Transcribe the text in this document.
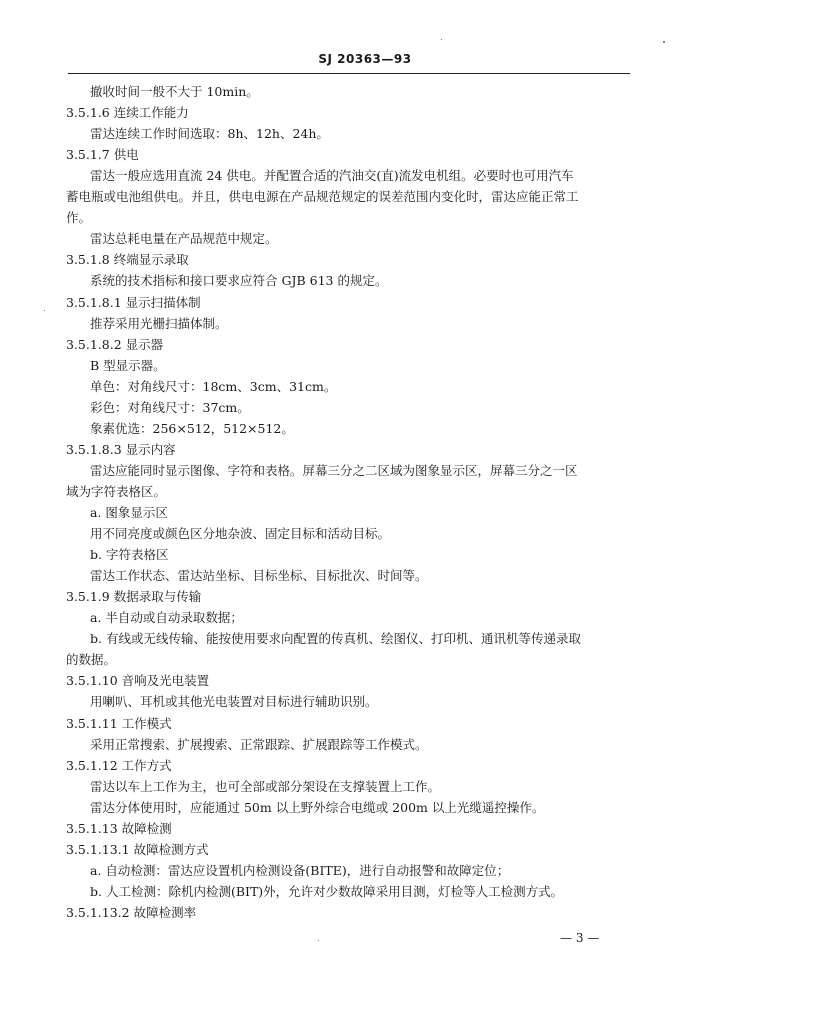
SJ 20363—93
撤收时间一般不大于 10min。
3.5.1.6 连续工作能力
雷达连续工作时间选取：8h、12h、24h。
3.5.1.7 供电
雷达一般应选用直流 24 供电。并配置合适的汽油交(直)流发电机组。必要时也可用汽车
蓄电瓶或电池组供电。并且，供电电源在产品规范规定的误差范围内变化时，雷达应能正常工
作。
雷达总耗电量在产品规范中规定。
3.5.1.8 终端显示录取
系统的技术指标和接口要求应符合 GJB 613 的规定。
3.5.1.8.1 显示扫描体制
推荐采用光栅扫描体制。
3.5.1.8.2 显示器
B 型显示器。
单色：对角线尺寸：18cm、3cm、31cm。
彩色：对角线尺寸：37cm。
象素优选：256×512，512×512。
3.5.1.8.3 显示内容
雷达应能同时显示图像、字符和表格。屏幕三分之二区域为图象显示区，屏幕三分之一区
域为字符表格区。
a. 图象显示区
用不同亮度或颜色区分地杂波、固定目标和活动目标。
b. 字符表格区
雷达工作状态、雷达站坐标、目标坐标、目标批次、时间等。
3.5.1.9 数据录取与传输
a. 半自动或自动录取数据；
b. 有线或无线传输、能按使用要求向配置的传真机、绘图仪、打印机、通讯机等传递录取
的数据。
3.5.1.10 音响及光电装置
用喇叭、耳机或其他光电装置对目标进行辅助识别。
3.5.1.11 工作模式
采用正常搜索、扩展搜索、正常跟踪、扩展跟踪等工作模式。
3.5.1.12 工作方式
雷达以车上工作为主，也可全部或部分架设在支撑装置上工作。
雷达分体使用时，应能通过 50m 以上野外综合电缆或 200m 以上光缆遥控操作。
3.5.1.13 故障检测
3.5.1.13.1 故障检测方式
a. 自动检测：雷达应设置机内检测设备(BITE)，进行自动报警和故障定位；
b. 人工检测：除机内检测(BIT)外，允许对少数故障采用目测，灯检等人工检测方式。
3.5.1.13.2 故障检测率
— 3 —
